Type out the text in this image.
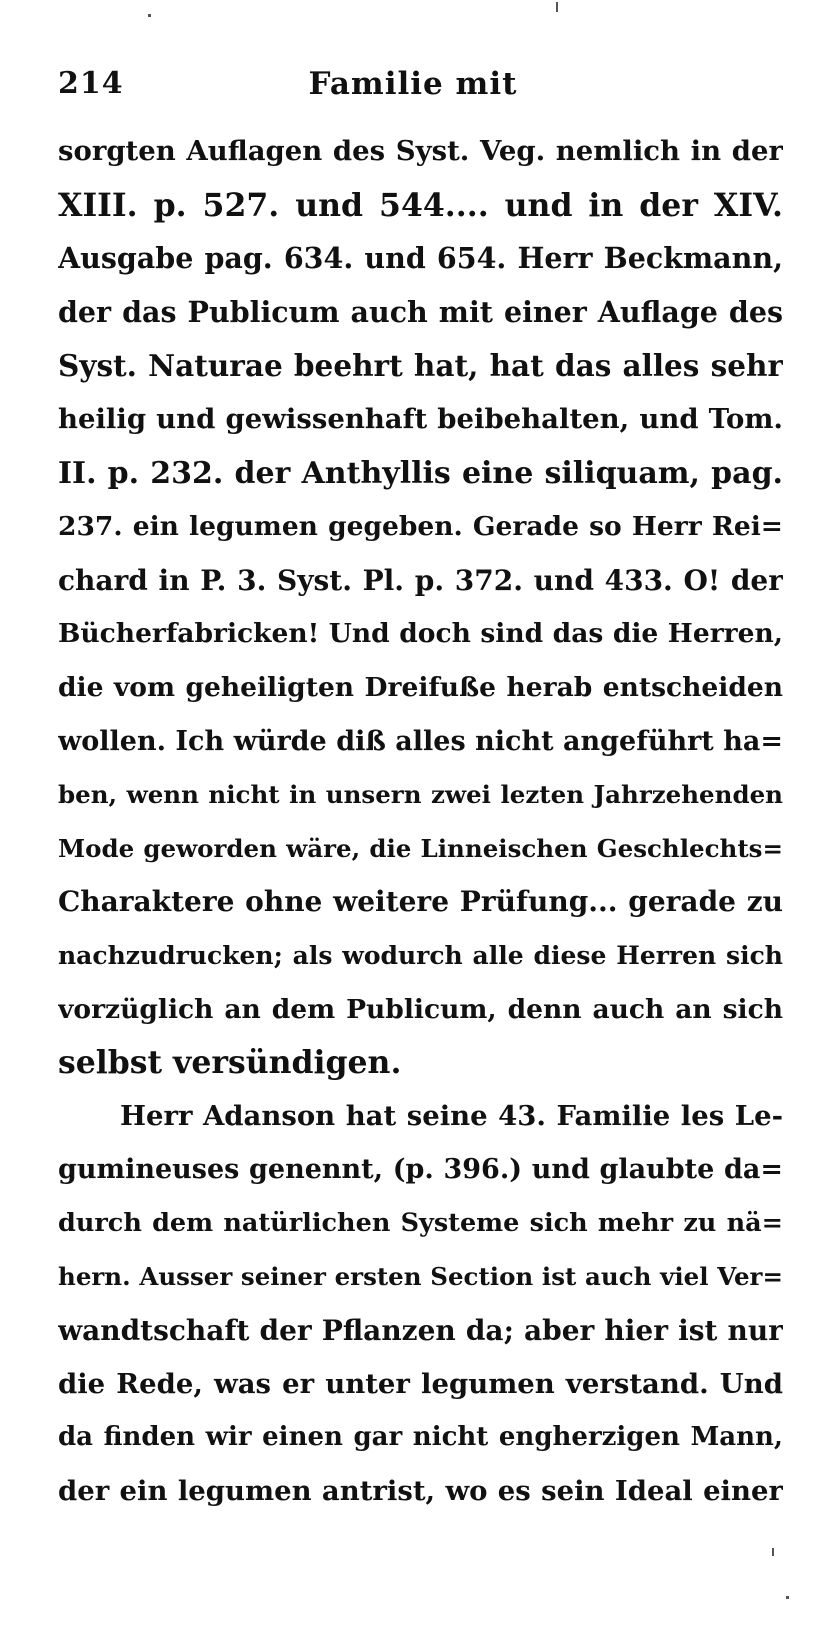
214	Familie mit
sorgten Auflagen des Syst. Veg. nemlich in der
XIII. p. 527. und 544.... und in der XIV.
Ausgabe pag. 634. und 654. Herr Beckmann,
der das Publicum auch mit einer Auflage des
Syst. Naturae beehrt hat, hat das alles sehr
heilig und gewissenhaft beibehalten, und Tom.
II. p. 232. der Anthyllis eine siliquam, pag.
237. ein legumen gegeben. Gerade so Herr Rei=
chard in P. 3. Syst. Pl. p. 372. und 433. O! der
Bücherfabricken! Und doch sind das die Herren,
die vom geheiligten Dreifuße herab entscheiden
wollen. Ich würde diß alles nicht angeführt ha=
ben, wenn nicht in unsern zwei lezten Jahrzehenden
Mode geworden wäre, die Linneischen Geschlechts=
Charaktere ohne weitere Prüfung... gerade zu
nachzudrucken; als wodurch alle diese Herren sich
vorzüglich an dem Publicum, denn auch an sich
selbst versündigen.
Herr Adanson hat seine 43. Familie les Le-
gumineuses genennt, (p. 396.) und glaubte da=
durch dem natürlichen Systeme sich mehr zu nä=
hern. Ausser seiner ersten Section ist auch viel Ver=
wandtschaft der Pflanzen da; aber hier ist nur
die Rede, was er unter legumen verstand. Und
da finden wir einen gar nicht engherzigen Mann,
der ein legumen antrist, wo es sein Ideal einer
